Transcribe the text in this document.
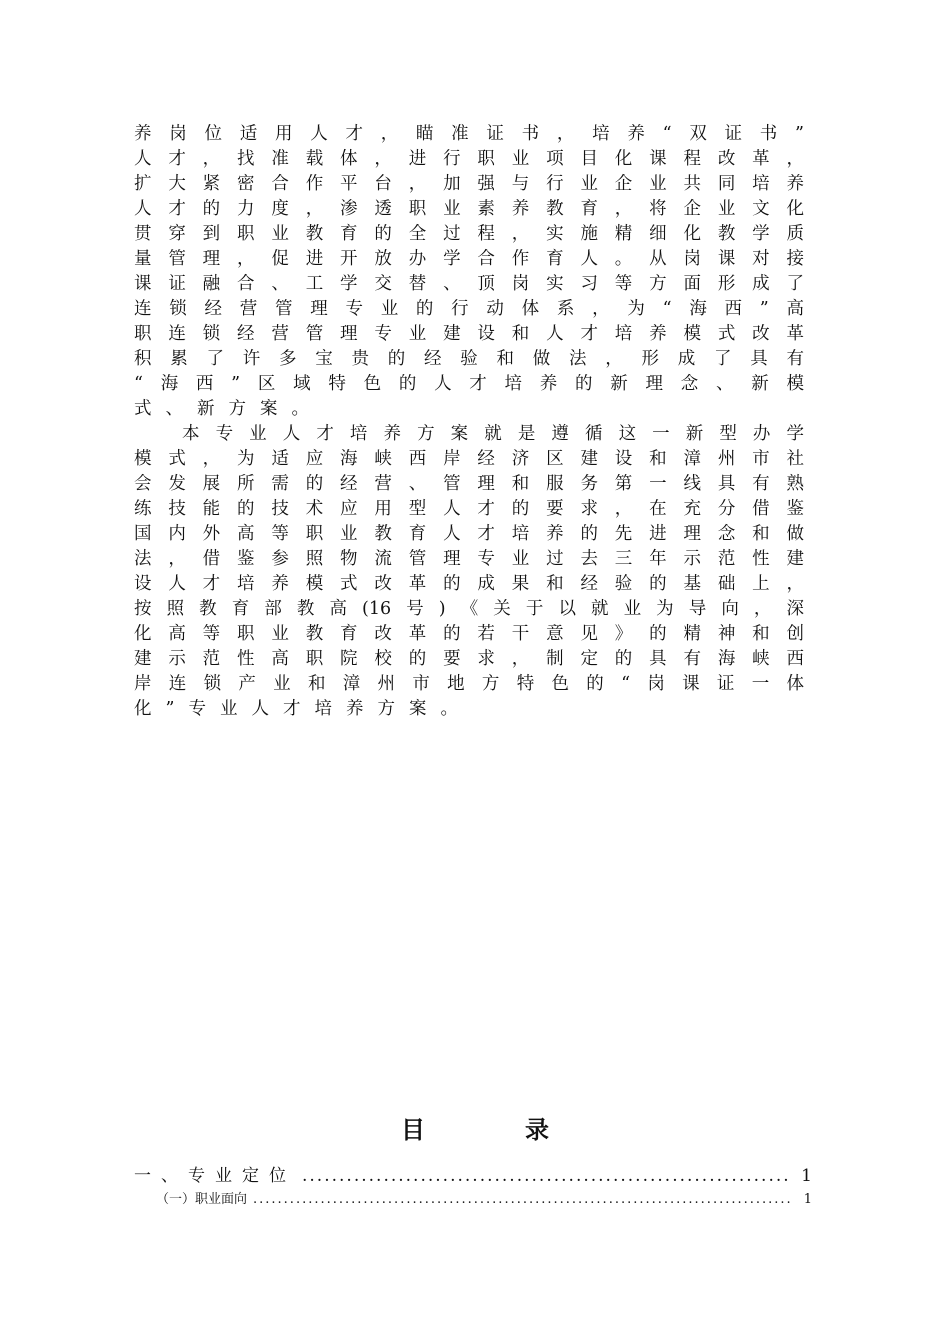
养岗位适用人才，瞄准证书，培养“双证书”
人才，找准载体，进行职业项目化课程改革，
扩大紧密合作平台，加强与行业企业共同培养
人才的力度，渗透职业素养教育，将企业文化
贯穿到职业教育的全过程，实施精细化教学质
量管理，促进开放办学合作育人。从岗课对接
课证融合、工学交替、顶岗实习等方面形成了
连锁经营管理专业的行动体系，为“海西”高
职连锁经营管理专业建设和人才培养模式改革
积累了许多宝贵的经验和做法，形成了具有
“海西”区域特色的人才培养的新理念、新模
式、新方案。
本专业人才培养方案就是遵循这一新型办学
模式，为适应海峡西岸经济区建设和漳州市社
会发展所需的经营、管理和服务第一线具有熟
练技能的技术应用型人才的要求，在充分借鉴
国内外高等职业教育人才培养的先进理念和做
法，借鉴参照物流管理专业过去三年示范性建
设人才培养模式改革的成果和经验的基础上，
按照教育部教高(16号)《关于以就业为导向，深
化高等职业教育改革的若干意见》的精神和创
建示范性高职院校的要求，制定的具有海峡西
岸连锁产业和漳州市地方特色的“岗课证一体
化”专业人才培养方案。
目录
一、专业定位 .....	1
（一）职业面向 .....	1
